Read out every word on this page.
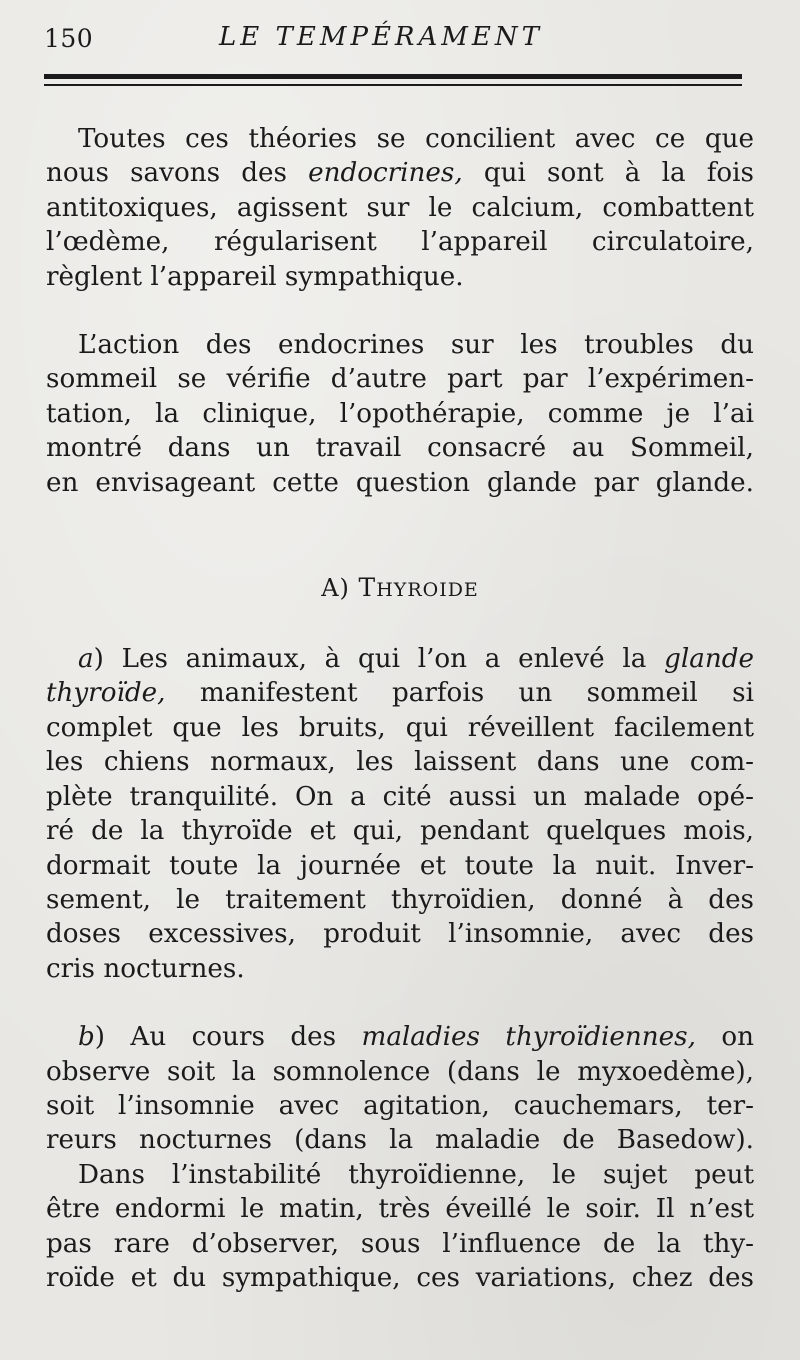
150	LE TEMPÉRAMENT
Toutes ces théories se concilient avec ce que
nous savons des endocrines, qui sont à la fois
antitoxiques, agissent sur le calcium, combattent
l’œdème, régularisent l’appareil circulatoire,
règlent l’appareil sympathique.
L’action des endocrines sur les troubles du
sommeil se vérifie d’autre part par l’expérimen-
tation, la clinique, l’opothérapie, comme je l’ai
montré dans un travail consacré au Sommeil,
en envisageant cette question glande par glande.
A) THYROIDE
a) Les animaux, à qui l’on a enlevé la glande
thyroïde, manifestent parfois un sommeil si
complet que les bruits, qui réveillent facilement
les chiens normaux, les laissent dans une com-
plète tranquilité. On a cité aussi un malade opé-
ré de la thyroïde et qui, pendant quelques mois,
dormait toute la journée et toute la nuit. Inver-
sement, le traitement thyroïdien, donné à des
doses excessives, produit l’insomnie, avec des
cris nocturnes.
b) Au cours des maladies thyroïdiennes, on
observe soit la somnolence (dans le myxoedème),
soit l’insomnie avec agitation, cauchemars, ter-
reurs nocturnes (dans la maladie de Basedow).
Dans l’instabilité thyroïdienne, le sujet peut
être endormi le matin, très éveillé le soir. Il n’est
pas rare d’observer, sous l’influence de la thy-
roïde et du sympathique, ces variations, chez des
